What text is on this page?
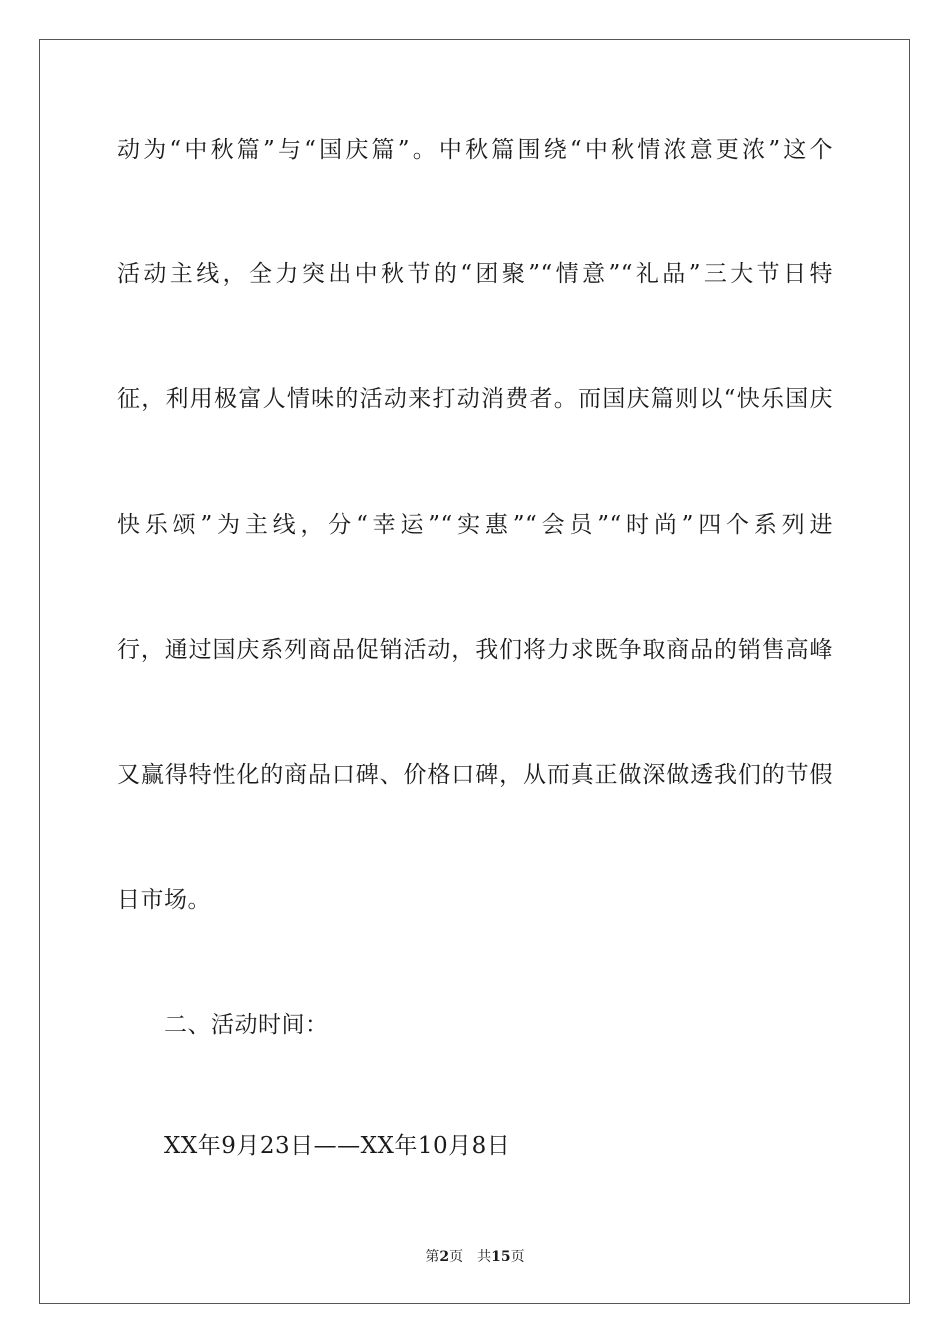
动为“中秋篇”与“国庆篇”。中秋篇围绕“中秋情浓意更浓”这个
活动主线，全力突出中秋节的“团聚”“情意”“礼品”三大节日特
征，利用极富人情味的活动来打动消费者。而国庆篇则以“快乐国庆
快乐颂”为主线，分“幸运”“实惠”“会员”“时尚”四个系列进
行，通过国庆系列商品促销活动，我们将力求既争取商品的销售高峰
又赢得特性化的商品口碑、价格口碑，从而真正做深做透我们的节假
日市场。
二、活动时间：
XX年9月23日——XX年10月8日
第2页 共15页
